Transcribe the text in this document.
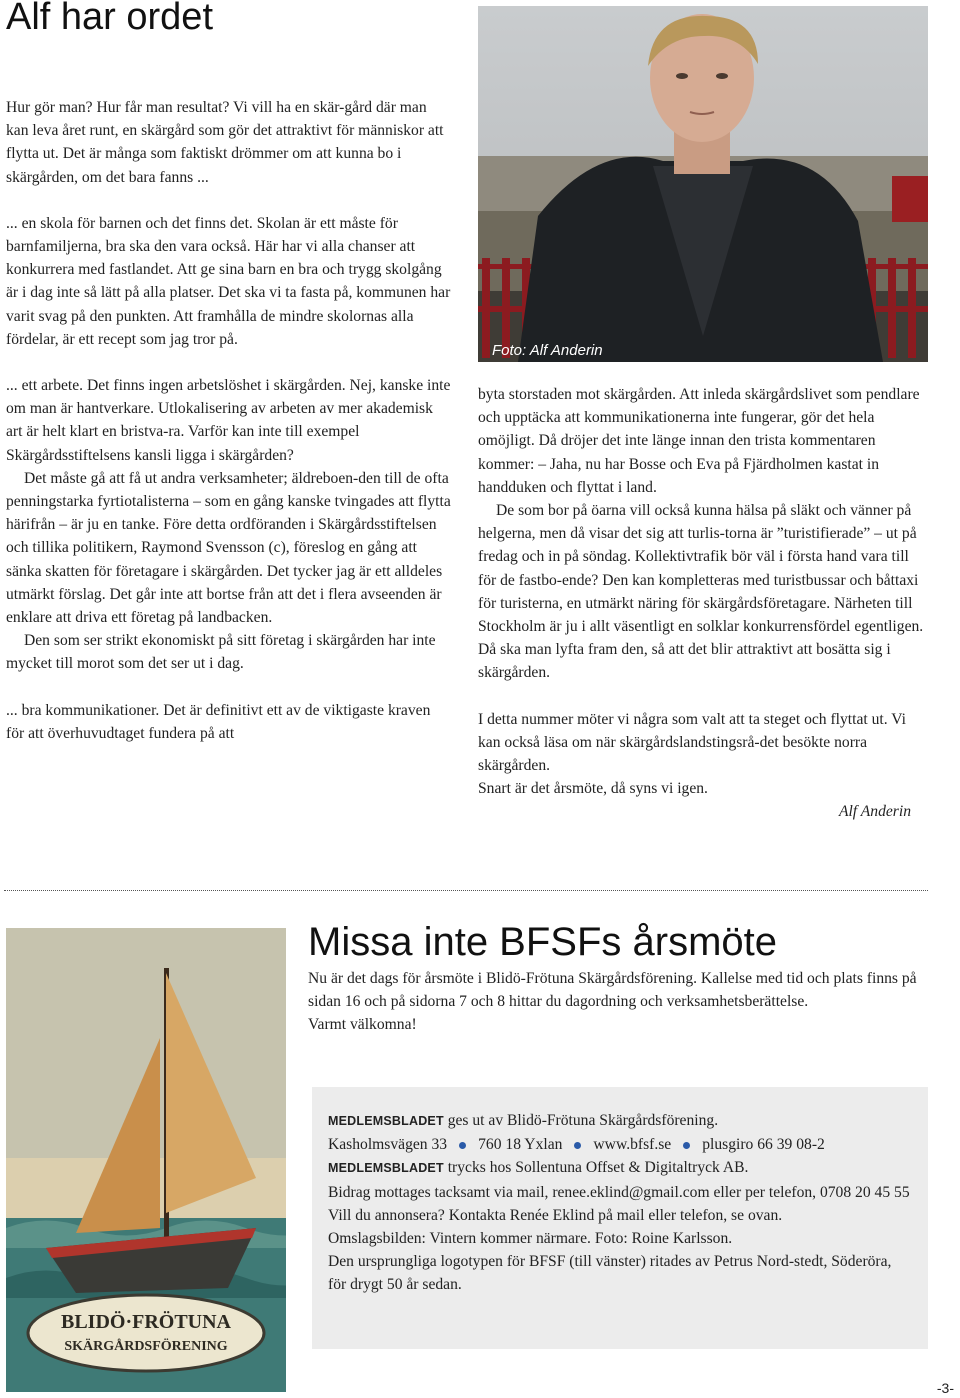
Alf har ordet
Foto: Alf Anderin

Hur gör man? Hur får man resultat? Vi vill ha en skär-gård där man kan leva året runt, en skärgård som gör det attraktivt för människor att flytta ut. Det är många som faktiskt drömmer om att kunna bo i skärgården, om det bara fanns ...

... en skola för barnen och det finns det. Skolan är ett måste för barnfamiljerna, bra ska den vara också. Här har vi alla chanser att konkurrera med fastlandet. Att ge sina barn en bra och trygg skolgång är i dag inte så lätt på alla platser. Det ska vi ta fasta på, kommunen har varit svag på den punkten. Att framhålla de mindre skolornas alla fördelar, är ett recept som jag tror på.

... ett arbete. Det finns ingen arbetslöshet i skärgården. Nej, kanske inte om man är hantverkare. Utlokalisering av arbeten av mer akademisk art är helt klart en bristva-ra. Varför kan inte till exempel Skärgårdsstiftelsens kansli ligga i skärgården?

Det måste gå att få ut andra verksamheter; äldreboen-den till de ofta penningstarka fyrtiotalisterna – som en gång kanske tvingades att flytta härifrån – är ju en tanke. Före detta ordföranden i Skärgårdsstiftelsen och tillika politikern, Raymond Svensson (c), föreslog en gång att sänka skatten för företagare i skärgården. Det tycker jag är ett alldeles utmärkt förslag. Det går inte att bortse från att det i flera avseenden är enklare att driva ett företag på landbacken.

Den som ser strikt ekonomiskt på sitt företag i skärgården har inte mycket till morot som det ser ut i dag.

... bra kommunikationer. Det är definitivt ett av de viktigaste kraven för att överhuvudtaget fundera på att

byta storstaden mot skärgården. Att inleda skärgårdslivet som pendlare och upptäcka att kommunikationerna inte fungerar, gör det hela omöjligt. Då dröjer det inte länge innan den trista kommentaren kommer: – Jaha, nu har Bosse och Eva på Fjärdholmen kastat in handduken och flyttat i land.

De som bor på öarna vill också kunna hälsa på släkt och vänner på helgerna, men då visar det sig att turlis-torna är ”turistifierade” – ut på fredag och in på söndag. Kollektivtrafik bör väl i första hand vara till för de fastbo-ende? Den kan kompletteras med turistbussar och båttaxi för turisterna, en utmärkt näring för skärgårdsföretagare. Närheten till Stockholm är ju i allt väsentligt en solklar konkurrensfördel egentligen. Då ska man lyfta fram den, så att det blir attraktivt att bosätta sig i skärgården.

I detta nummer möter vi några som valt att ta steget och flyttat ut. Vi kan också läsa om när skärgårdslandstingsrå-det besökte norra skärgården.

Snart är det årsmöte, då syns vi igen.

Alf Anderin

BLIDÖ·FRÖTUNA
SKÄRGÅRDSFÖRENING
Missa inte BFSFs årsmöte

Nu är det dags för årsmöte i Blidö-Frötuna Skärgårdsförening. Kallelse med tid och plats finns på sidan 16 och på sidorna 7 och 8 hittar du dagordning och verksamhetsberättelse.

Varmt välkomna!

MEDLEMSBLADET ges ut av Blidö-Frötuna Skärgårdsförening.

Kasholmsvägen 33 760 18 Yxlan www.bfsf.se plusgiro 66 39 08-2

MEDLEMSBLADET trycks hos Sollentuna Offset & Digitaltryck AB.

Bidrag mottages tacksamt via mail, renee.eklind@gmail.com eller per telefon, 0708 20 45 55

Vill du annonsera? Kontakta Renée Eklind på mail eller telefon, se ovan.

Omslagsbilden: Vintern kommer närmare. Foto: Roine Karlsson.

Den ursprungliga logotypen för BFSF (till vänster) ritades av Petrus Nord-stedt, Söderöra, för drygt 50 år sedan.

-3-
